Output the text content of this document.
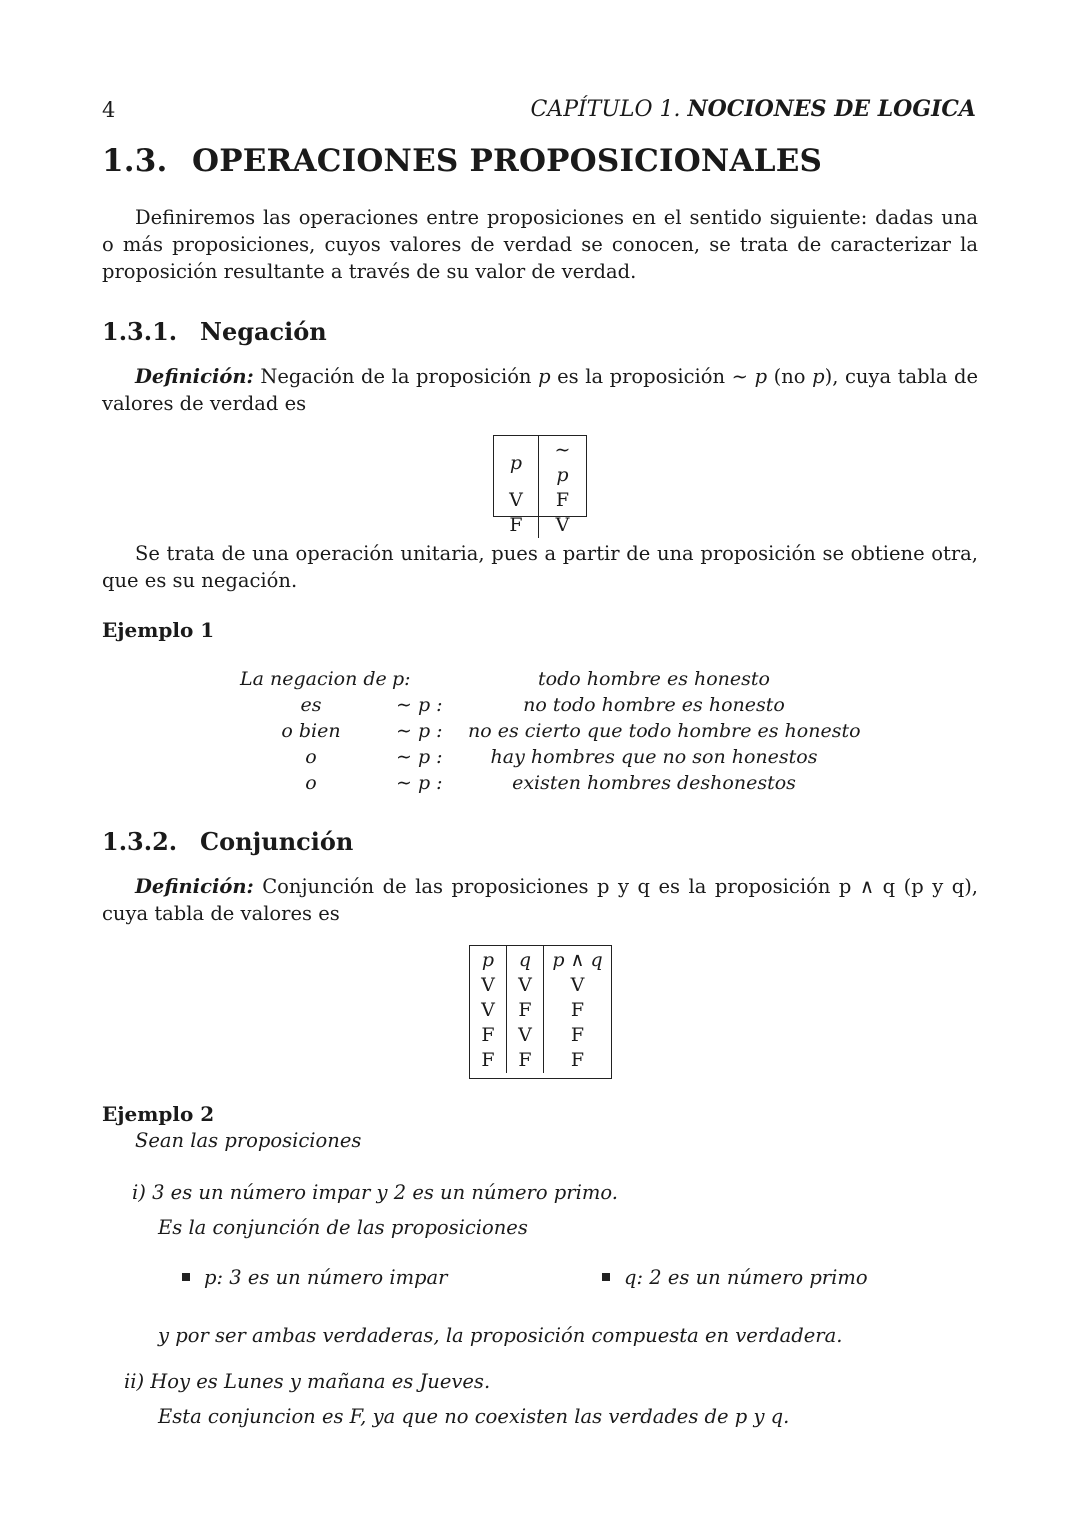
4	CAPÍTULO 1. NOCIONES DE LOGICA
1.3. OPERACIONES PROPOSICIONALES
Definiremos las operaciones entre proposiciones en el sentido siguiente: dadas una o más proposiciones, cuyos valores de verdad se conocen, se trata de caracterizar la proposición resultante a través de su valor de verdad.
1.3.1. Negación
Definición: Negación de la proposición p es la proposición ∼ p (no p), cuya tabla de valores de verdad es
p	∼ p
V	F
F	V
Se trata de una operación unitaria, pues a partir de una proposición se obtiene otra, que es su negación.
Ejemplo 1
La negacion de p:	todo hombre es honesto
es	∼ p :	no todo hombre es honesto
o bien	∼ p :	no es cierto que todo hombre es honesto
o	∼ p :	hay hombres que no son honestos
o	∼ p :	existen hombres deshonestos
1.3.2. Conjunción
Definición: Conjunción de las proposiciones p y q es la proposición p ∧ q (p y q), cuya tabla de valores es
p	q	p ∧ q
V	V	V
V	F	F
F	V	F
F	F	F
Ejemplo 2
Sean las proposiciones
i) 3 es un número impar y 2 es un número primo.
Es la conjunción de las proposiciones
p: 3 es un número impar	q: 2 es un número primo
y por ser ambas verdaderas, la proposición compuesta en verdadera.
ii) Hoy es Lunes y mañana es Jueves.
Esta conjuncion es F, ya que no coexisten las verdades de p y q.
